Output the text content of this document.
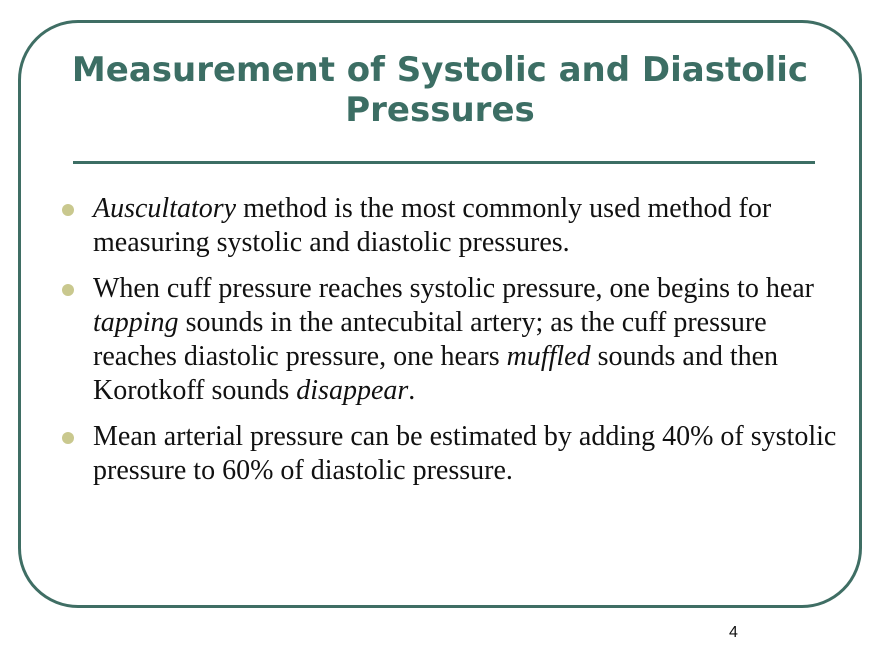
Measurement of Systolic and Diastolic Pressures
Auscultatory method is the most commonly used method for measuring systolic and diastolic pressures.
When cuff pressure reaches systolic pressure, one begins to hear tapping sounds in the antecubital artery; as the cuff pressure reaches diastolic pressure, one hears muffled sounds and then Korotkoff sounds disappear.
Mean arterial pressure can be estimated by adding 40% of systolic pressure to 60% of diastolic pressure.
4
